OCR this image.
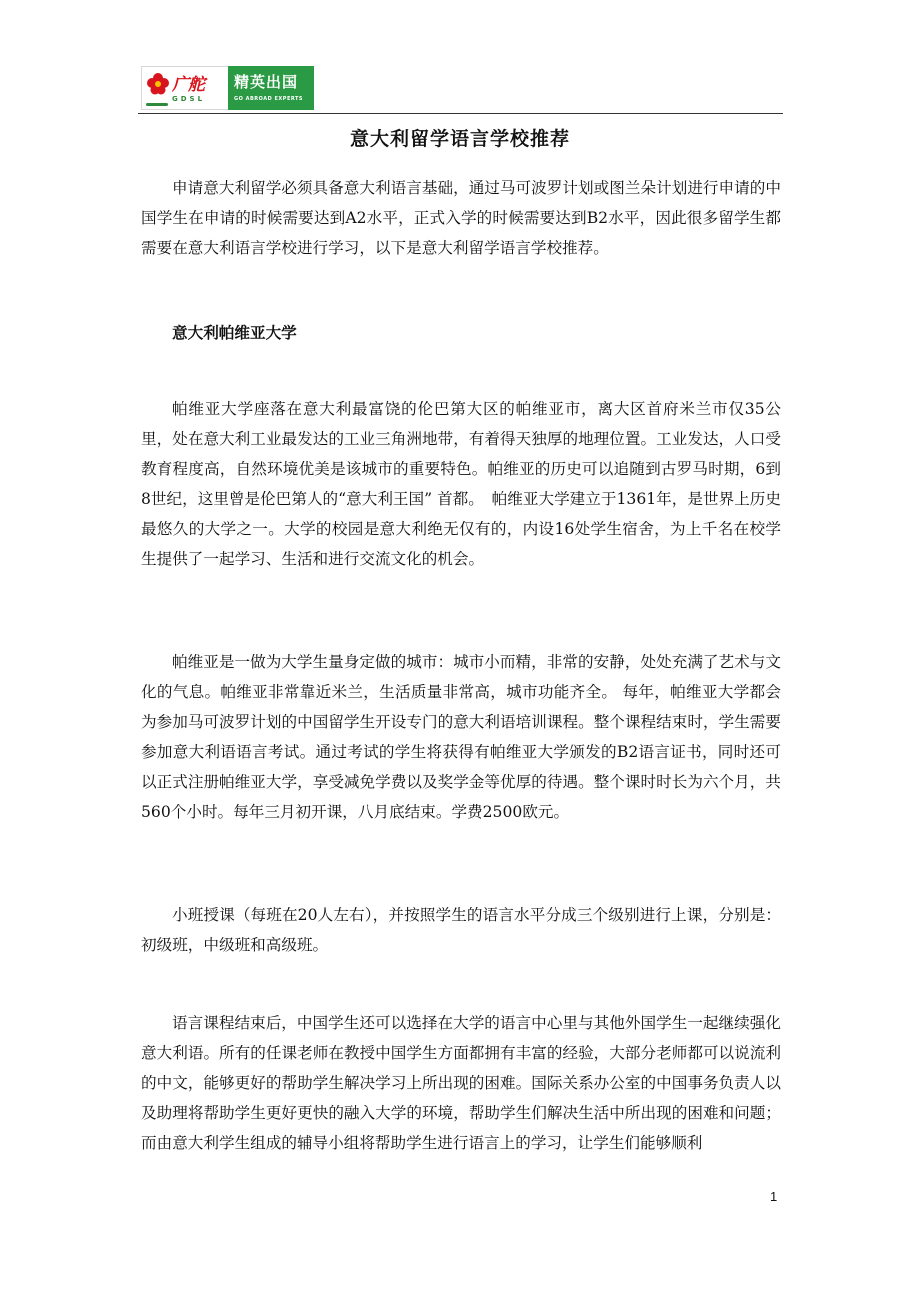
广舵
GDSL
精英出国
GO ABROAD EXPERTS
意大利留学语言学校推荐

申请意大利留学必须具备意大利语言基础，通过马可波罗计划或图兰朵计划进行申请的中国学生在申请的时候需要达到A2水平，正式入学的时候需要达到B2水平，因此很多留学生都需要在意大利语言学校进行学习，以下是意大利留学语言学校推荐。

意大利帕维亚大学

帕维亚大学座落在意大利最富饶的伦巴第大区的帕维亚市，离大区首府米兰市仅35公里，处在意大利工业最发达的工业三角洲地带，有着得天独厚的地理位置。工业发达，人口受教育程度高，自然环境优美是该城市的重要特色。帕维亚的历史可以追随到古罗马时期，6到8世纪，这里曾是伦巴第人的“意大利王国” 首都。　帕维亚大学建立于1361年，是世界上历史最悠久的大学之一。大学的校园是意大利绝无仅有的，内设16处学生宿舍，为上千名在校学生提供了一起学习、生活和进行交流文化的机会。

帕维亚是一做为大学生量身定做的城市：城市小而精，非常的安静，处处充满了艺术与文化的气息。帕维亚非常靠近米兰，生活质量非常高，城市功能齐全。 每年，帕维亚大学都会为参加马可波罗计划的中国留学生开设专门的意大利语培训课程。整个课程结束时，学生需要参加意大利语语言考试。通过考试的学生将获得有帕维亚大学颁发的B2语言证书，同时还可以正式注册帕维亚大学，享受减免学费以及奖学金等优厚的待遇。整个课时时长为六个月，共560个小时。每年三月初开课，八月底结束。学费2500欧元。

小班授课（每班在20人左右），并按照学生的语言水平分成三个级别进行上课，分别是：初级班，中级班和高级班。

语言课程结束后，中国学生还可以选择在大学的语言中心里与其他外国学生一起继续强化意大利语。所有的任课老师在教授中国学生方面都拥有丰富的经验，大部分老师都可以说流利的中文，能够更好的帮助学生解决学习上所出现的困难。国际关系办公室的中国事务负责人以及助理将帮助学生更好更快的融入大学的环境，帮助学生们解决生活中所出现的困难和问题；而由意大利学生组成的辅导小组将帮助学生进行语言上的学习，让学生们能够顺利

1
